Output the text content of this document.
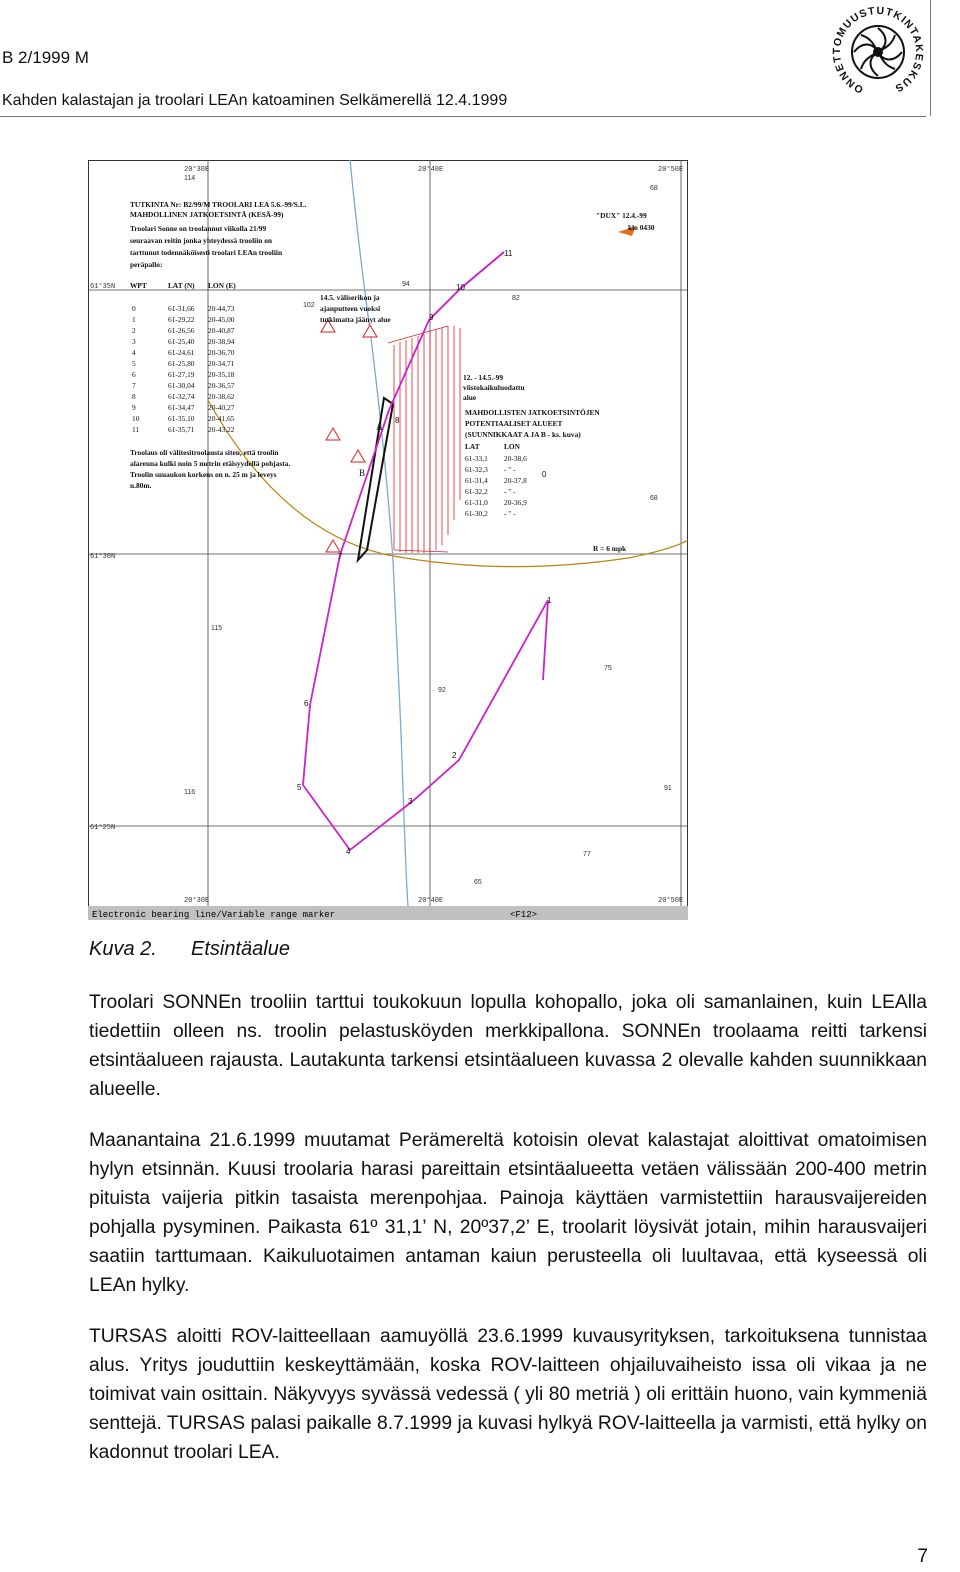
B 2/1999 M
Kahden kalastajan ja troolari LEAn katoaminen Selkämerellä 12.4.1999
ONNETTOMUUSTUTKINTAKESKUS
20°30E	20°40E	20°50E
20°30E	20°40E	20°50E
61°35N
61°30N
61°25N
114
68
94
82
102
68
115
75
92
116
91
77
65
TUTKINTA Nr: B2/99/M TROOLARI LEA 5.6.-99/S.L.
MAHDOLLINEN JATKOETSINTÄ (KESÄ-99)
Troolari Sonne on troolannut viikolla 21/99
seuraavan reitin jonka yhteydessä trooliin on
tarttunut todennäköisesti troolari LEAn trooliin
peräpallo:
WPT	LAT (N) LON (E)
0	61-31,66 20-44,73
1	61-29,22 20-45,00
2	61-26,56 20-40,87
3	61-25,40 20-38,94
4	61-24,61 20-36,70
5	61-25,80 20-34,71
6	61-27,19 20-35,18
7	61-30,04 20-36,57
8	61-32,74 20-38,62
9	61-34,47 20-40,27
10	61-35,10 20-41,65
11	61-35,71 20-43,22
Troolaus oli välitesitroolausta siten, että troolin
alareuna kulki noin 5 metrin etäisyydellä pohjasta.
Troolin suuaukon korkeus on n. 25 m ja leveys
n.80m.
"DUX" 12.4.-99
klo 0430
14.5. väliserikon ja
ajanputteen vuoksi
tutkimatta jäänyt alue
12. - 14.5.-99
viistokaikuluodattu
alue
MAHDOLLISTEN JATKOETSINTÖJEN
POTENTIAALISET ALUEET
(SUUNNIKKAAT A JA B - ks. kuva)
LAT	LON
61-33,1 20-38,6
61-32,3 - " -
61-31,4 20-37,8
61-32,2 - " -
61-31,0 20-36,9
61-30,2 - " -
R = 6 mpk
A
B	0
1
2
3
4
5
6
7
8
9
10
11
Electronic bearing line/Variable range marker	<F12>
Kuva 2. Etsintäalue
Troolari SONNEn trooliin tarttui toukokuun lopulla kohopallo, joka oli samanlainen, kuin LEAlla tiedettiin olleen ns. troolin pelastusköyden merkkipallona. SONNEn troolaama reitti tarkensi etsintäalueen rajausta. Lautakunta tarkensi etsintäalueen kuvassa 2 olevalle kahden suunnikkaan alueelle.
Maanantaina 21.6.1999 muutamat Perämereltä kotoisin olevat kalastajat aloittivat omatoimisen hylyn etsinnän. Kuusi troolaria harasi pareittain etsintäalueetta vetäen välissään 200-400 metrin pituista vaijeria pitkin tasaista merenpohjaa. Painoja käyttäen varmistettiin harausvaijereiden pohjalla pysyminen. Paikasta 61º 31,1’ N, 20º37,2’ E, troolarit löysivät jotain, mihin harausvaijeri saatiin tarttumaan. Kaikuluotaimen antaman kaiun perusteella oli luultavaa, että kyseessä oli LEAn hylky.
TURSAS aloitti ROV-laitteellaan aamuyöllä 23.6.1999 kuvausyrityksen, tarkoituksena tunnistaa alus. Yritys jouduttiin keskeyttämään, koska ROV-laitteen ohjailuvaiheisto issa oli vikaa ja ne toimivat vain osittain. Näkyvyys syvässä vedessä ( yli 80 metriä ) oli erittäin huono, vain kymmeniä senttejä. TURSAS palasi paikalle 8.7.1999 ja kuvasi hylkyä ROV-laitteella ja varmisti, että hylky on kadonnut troolari LEA.
7
